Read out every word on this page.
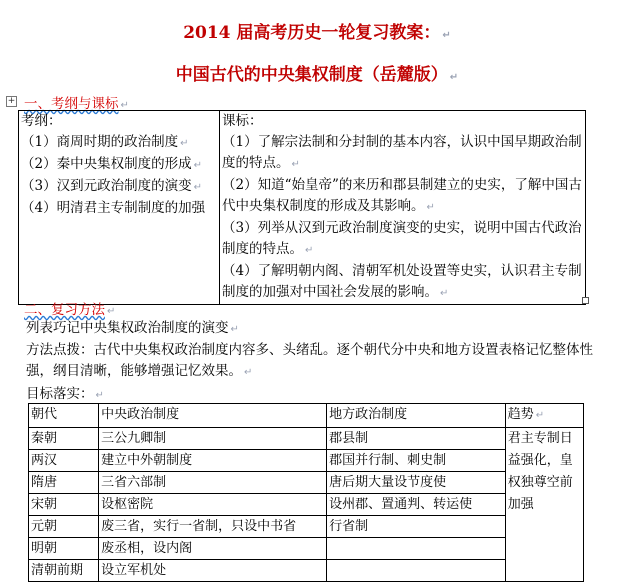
2014 届高考历史一轮复习教案： ↵
中国古代的中央集权制度（岳麓版） ↵
+ 一、考纲与课标 ↵
考纲：
（1）商周时期的政治制度 ↵
（2）秦中央集权制度的形成 ↵
（3）汉到元政治制度的演变 ↵
（4）明清君主专制制度的加强

课标：
（1）了解宗法制和分封制的基本内容，认识中国早期政治制度的特点。 ↵
（2）知道“始皇帝”的来历和郡县制建立的史实，了解中国古代中央集权制度的形成及其影响。 ↵
（3）列举从汉到元政治制度演变的史实，说明中国古代政治制度的特点。 ↵
（4）了解明朝内阁、清朝军机处设置等史实，认识君主专制制度的加强对中国社会发展的影响。 ↵
二、复习方法 ↵
列表巧记中央集权政治制度的演变 ↵
方法点拨：古代中央集权政治制度内容多、头绪乱。逐个朝代分中央和地方设置表格记忆整体性强，纲目清晰，能够增强记忆效果。 ↵
目标落实： ↵
朝代	中央政治制度	地方政治制度	趋势 ↵
秦朝	三公九卿制	郡县制	君主专制日益强化，皇权独尊空前加强
两汉	建立中外朝制度	郡国并行制、刺史制	
隋唐	三省六部制	唐后期大量设节度使	
宋朝	设枢密院	设州郡、置通判、转运使	
元朝	废三省，实行一省制，只设中书省	行省制	
明朝	废丞相，设内阁		
清朝前期	设立军机处		
